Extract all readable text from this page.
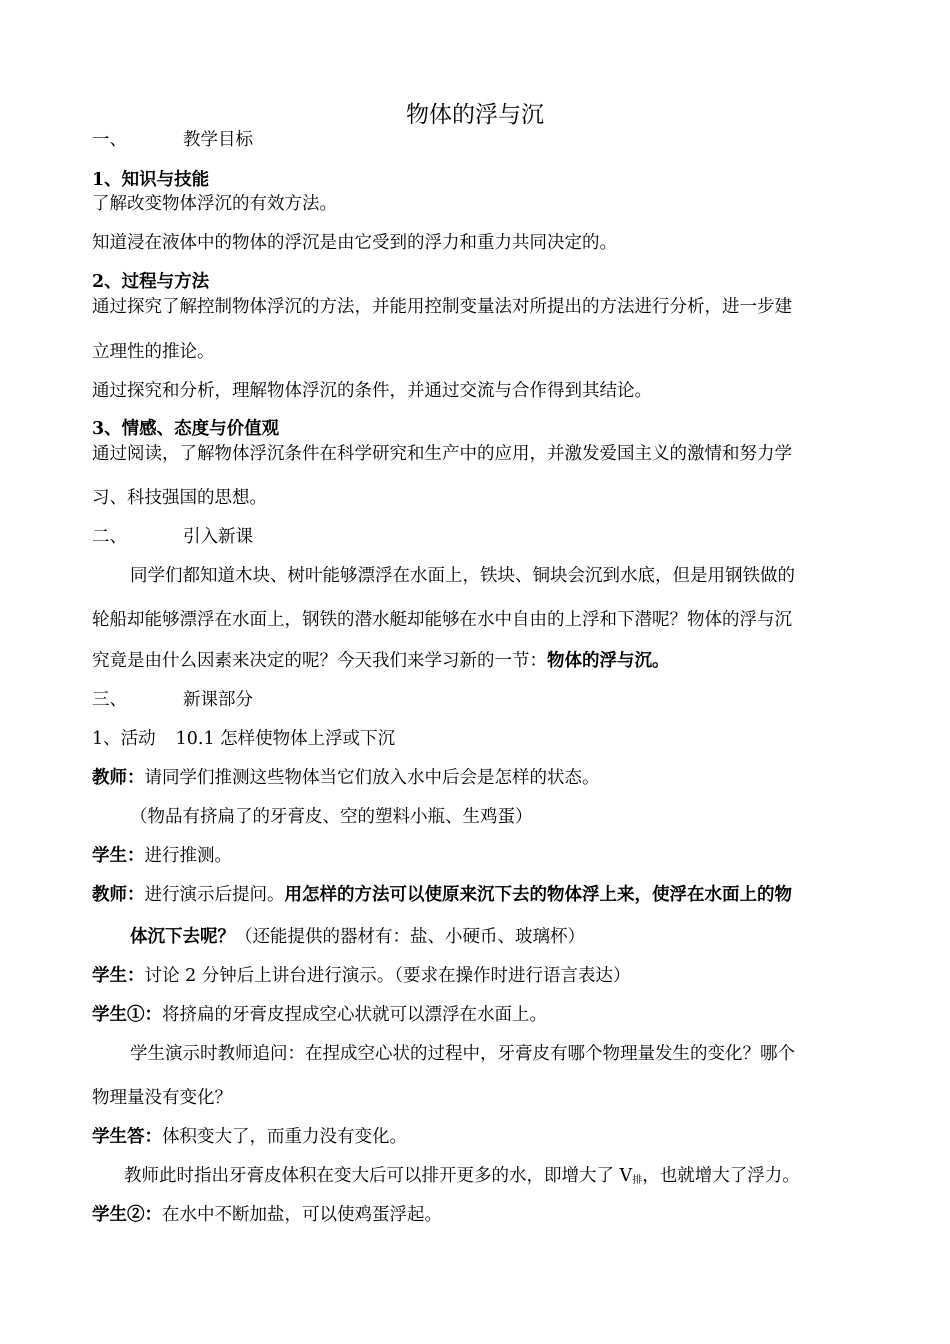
物体的浮与沉
一、	教学目标
1、知识与技能
了解改变物体浮沉的有效方法。
知道浸在液体中的物体的浮沉是由它受到的浮力和重力共同决定的。
2、过程与方法
通过探究了解控制物体浮沉的方法，并能用控制变量法对所提出的方法进行分析，进一步建
立理性的推论。
通过探究和分析，理解物体浮沉的条件，并通过交流与合作得到其结论。
3、情感、态度与价值观
通过阅读，了解物体浮沉条件在科学研究和生产中的应用，并激发爱国主义的激情和努力学
习、科技强国的思想。
二、	引入新课
同学们都知道木块、树叶能够漂浮在水面上，铁块、铜块会沉到水底，但是用钢铁做的
轮船却能够漂浮在水面上，钢铁的潜水艇却能够在水中自由的上浮和下潜呢？物体的浮与沉
究竟是由什么因素来决定的呢？今天我们来学习新的一节：物体的浮与沉。
三、	新课部分
1、活动 10.1 怎样使物体上浮或下沉
教师：请同学们推测这些物体当它们放入水中后会是怎样的状态。
（物品有挤扁了的牙膏皮、空的塑料小瓶、生鸡蛋）
学生：进行推测。
教师：进行演示后提问。用怎样的方法可以使原来沉下去的物体浮上来，使浮在水面上的物
体沉下去呢？（还能提供的器材有：盐、小硬币、玻璃杯）
学生：讨论 2 分钟后上讲台进行演示。（要求在操作时进行语言表达）
学生①：将挤扁的牙膏皮捏成空心状就可以漂浮在水面上。
学生演示时教师追问：在捏成空心状的过程中，牙膏皮有哪个物理量发生的变化？哪个
物理量没有变化？
学生答：体积变大了，而重力没有变化。
教师此时指出牙膏皮体积在变大后可以排开更多的水，即增大了 $V_排$，也就增大了浮力。
学生②：在水中不断加盐，可以使鸡蛋浮起。
